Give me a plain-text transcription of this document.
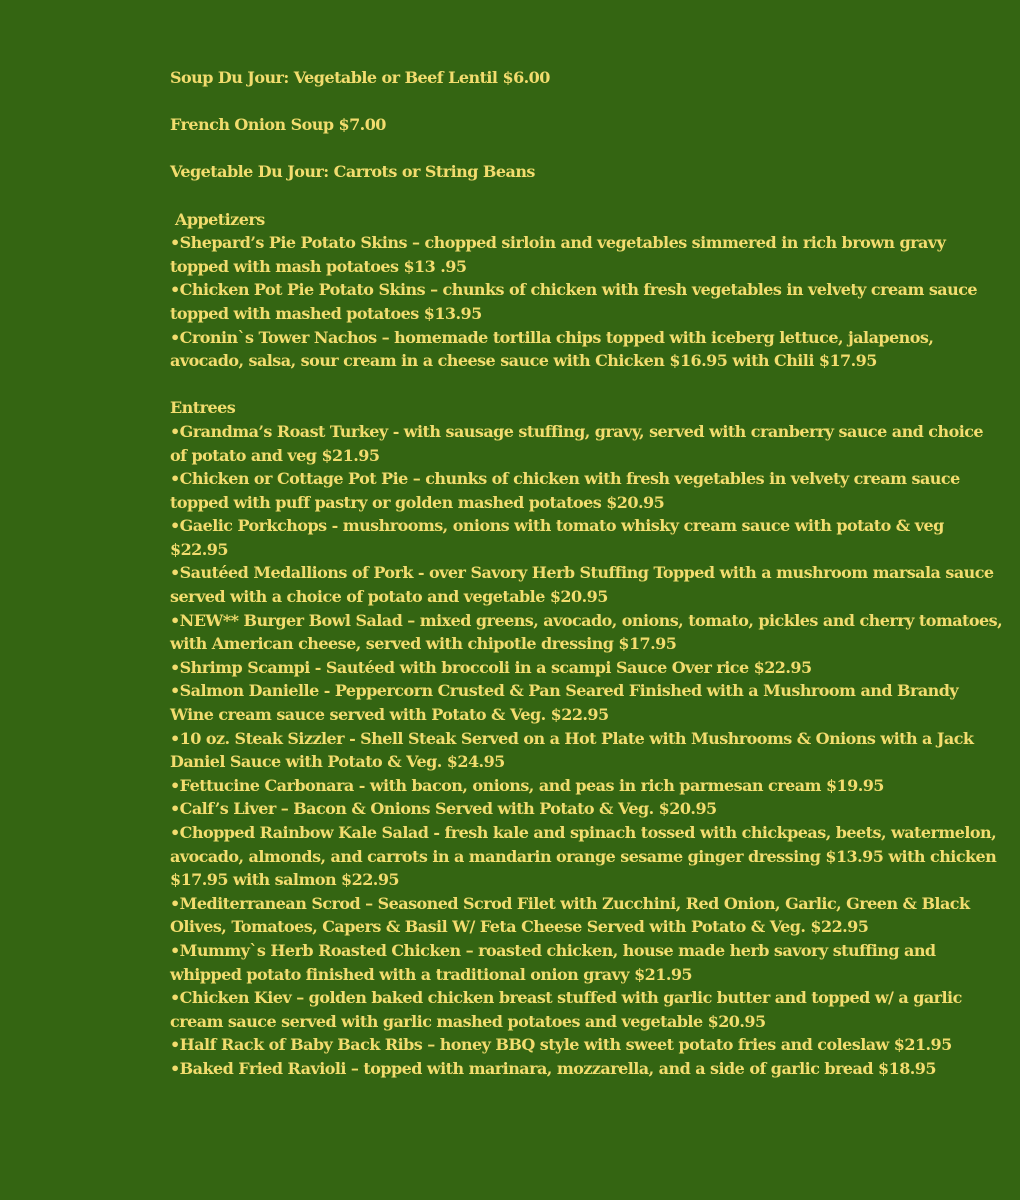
Soup Du Jour: Vegetable or Beef Lentil $6.00

French Onion Soup $7.00

Vegetable Du Jour: Carrots or String Beans

Appetizers

•Shepard’s Pie Potato Skins – chopped sirloin and vegetables simmered in rich brown gravy
topped with mash potatoes $13 .95
•Chicken Pot Pie Potato Skins – chunks of chicken with fresh vegetables in velvety cream sauce
topped with mashed potatoes $13.95
•Cronin`s Tower Nachos – homemade tortilla chips topped with iceberg lettuce, jalapenos,
avocado, salsa, sour cream in a cheese sauce with Chicken $16.95 with Chili $17.95

Entrees

•Grandma’s Roast Turkey - with sausage stuffing, gravy, served with cranberry sauce and choice
of potato and veg $21.95
•Chicken or Cottage Pot Pie – chunks of chicken with fresh vegetables in velvety cream sauce
topped with puff pastry or golden mashed potatoes $20.95
•Gaelic Porkchops - mushrooms, onions with tomato whisky cream sauce with potato & veg
$22.95
•Sautéed Medallions of Pork - over Savory Herb Stuffing Topped with a mushroom marsala sauce
served with a choice of potato and vegetable $20.95
•NEW** Burger Bowl Salad – mixed greens, avocado, onions, tomato, pickles and cherry tomatoes,
with American cheese, served with chipotle dressing $17.95
•Shrimp Scampi - Sautéed with broccoli in a scampi Sauce Over rice $22.95
•Salmon Danielle - Peppercorn Crusted & Pan Seared Finished with a Mushroom and Brandy
Wine cream sauce served with Potato & Veg. $22.95
•10 oz. Steak Sizzler - Shell Steak Served on a Hot Plate with Mushrooms & Onions with a Jack
Daniel Sauce with Potato & Veg. $24.95
•Fettucine Carbonara - with bacon, onions, and peas in rich parmesan cream $19.95
•Calf’s Liver – Bacon & Onions Served with Potato & Veg. $20.95
•Chopped Rainbow Kale Salad - fresh kale and spinach tossed with chickpeas, beets, watermelon,
avocado, almonds, and carrots in a mandarin orange sesame ginger dressing $13.95 with chicken
$17.95 with salmon $22.95
•Mediterranean Scrod – Seasoned Scrod Filet with Zucchini, Red Onion, Garlic, Green & Black
Olives, Tomatoes, Capers & Basil W/ Feta Cheese Served with Potato & Veg. $22.95
•Mummy`s Herb Roasted Chicken – roasted chicken, house made herb savory stuffing and
whipped potato finished with a traditional onion gravy $21.95
•Chicken Kiev – golden baked chicken breast stuffed with garlic butter and topped w/ a garlic
cream sauce served with garlic mashed potatoes and vegetable $20.95
•Half Rack of Baby Back Ribs – honey BBQ style with sweet potato fries and coleslaw $21.95
•Baked Fried Ravioli – topped with marinara, mozzarella, and a side of garlic bread $18.95
